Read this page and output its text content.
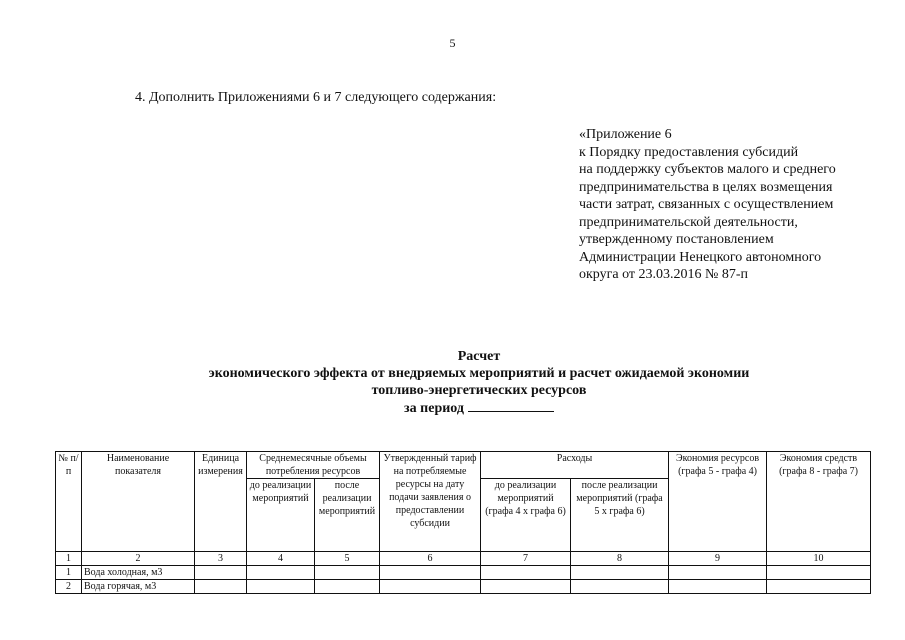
5
4. Дополнить Приложениями 6 и 7 следующего содержания:
«Приложение 6
к Порядку предоставления субсидий
на поддержку субъектов малого и среднего
предпринимательства в целях возмещения
части затрат, связанных с осуществлением
предпринимательской деятельности,
утвержденному постановлением
Администрации Ненецкого автономного
округа от 23.03.2016 № 87-п
Расчет
экономического эффекта от внедряемых мероприятий и расчет ожидаемой экономии
топливо-энергетических ресурсов
за период
№ п/п	Наименование показателя	Единица измерения	Среднемесячные объемы потребления ресурсов		Утвержденный тариф на потребляемые ресурсы на дату подачи заявления о предоставлении субсидии	Расходы		Экономия ресурсов (графа 5 - графа 4)	Экономия средств (графа 8 - графа 7)
			до реализации мероприятий	после реализации мероприятий		до реализации мероприятий (графа 4 х графа 6)	после реализации мероприятий (графа 5 х графа 6)		
1	2	3	4	5	6	7	8	9	10
1	Вода холодная, м3								
2	Вода горячая, м3								
